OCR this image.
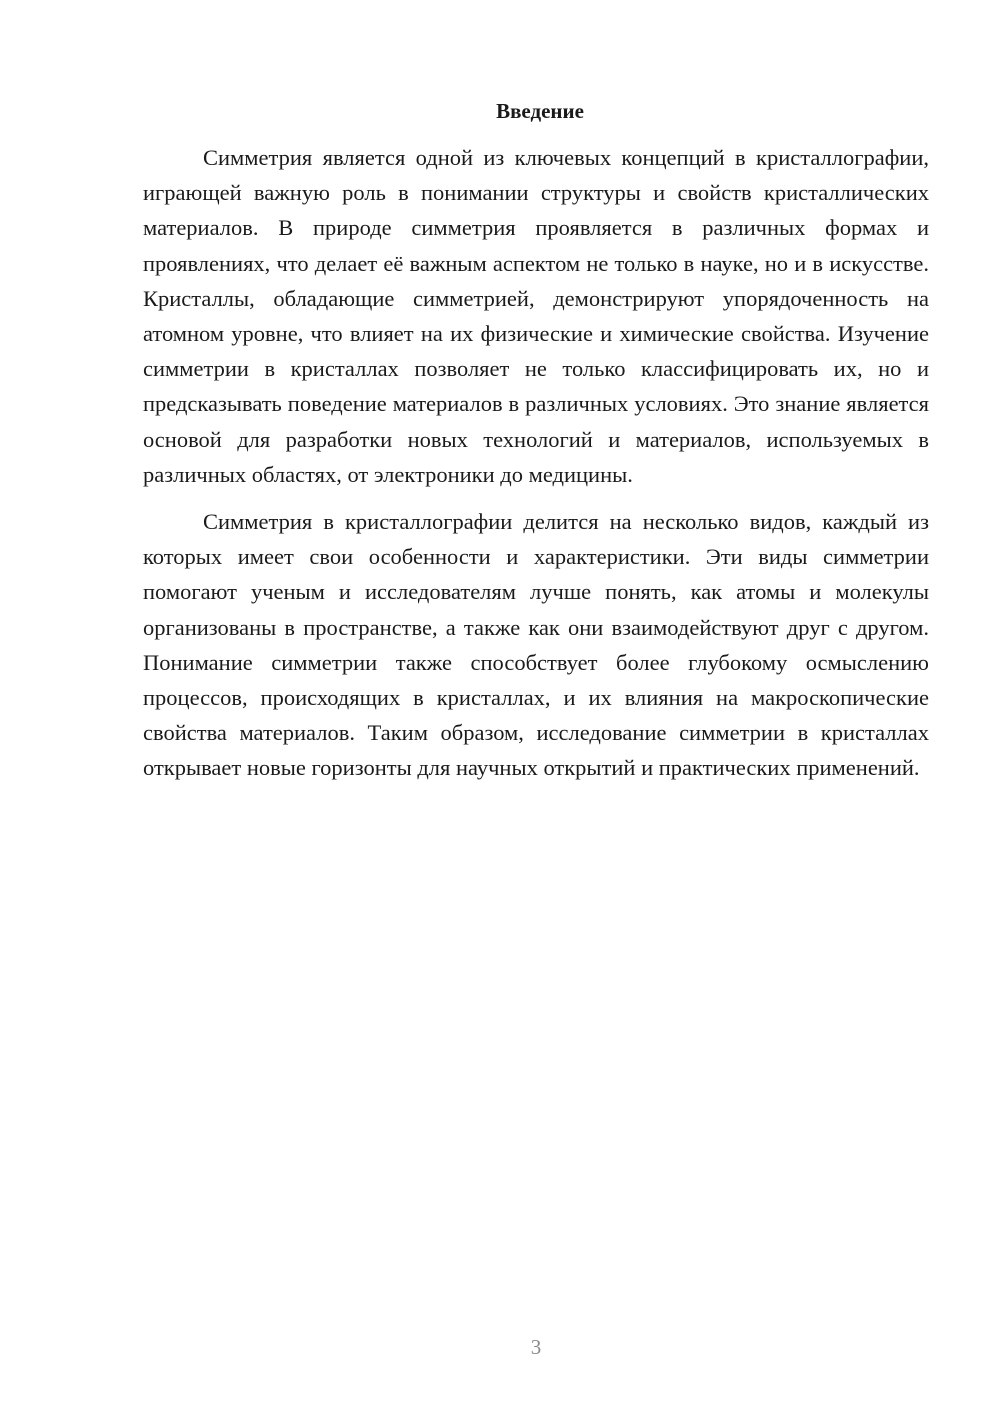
Введение

Симметрия является одной из ключевых концепций в кристаллографии, играющей важную роль в понимании структуры и свойств кристаллических материалов. В природе симметрия проявляется в различных формах и проявлениях, что делает её важным аспектом не только в науке, но и в искусстве. Кристаллы, обладающие симметрией, демонстрируют упорядоченность на атомном уровне, что влияет на их физические и химические свойства. Изучение симметрии в кристаллах позволяет не только классифицировать их, но и предсказывать поведение материалов в различных условиях. Это знание является основой для разработки новых технологий и материалов, используемых в различных областях, от электроники до медицины.

Симметрия в кристаллографии делится на несколько видов, каждый из которых имеет свои особенности и характеристики. Эти виды симметрии помогают ученым и исследователям лучше понять, как атомы и молекулы организованы в пространстве, а также как они взаимодействуют друг с другом. Понимание симметрии также способствует более глубокому осмыслению процессов, происходящих в кристаллах, и их влияния на макроскопические свойства материалов. Таким образом, исследование симметрии в кристаллах открывает новые горизонты для научных открытий и практических применений.

3
